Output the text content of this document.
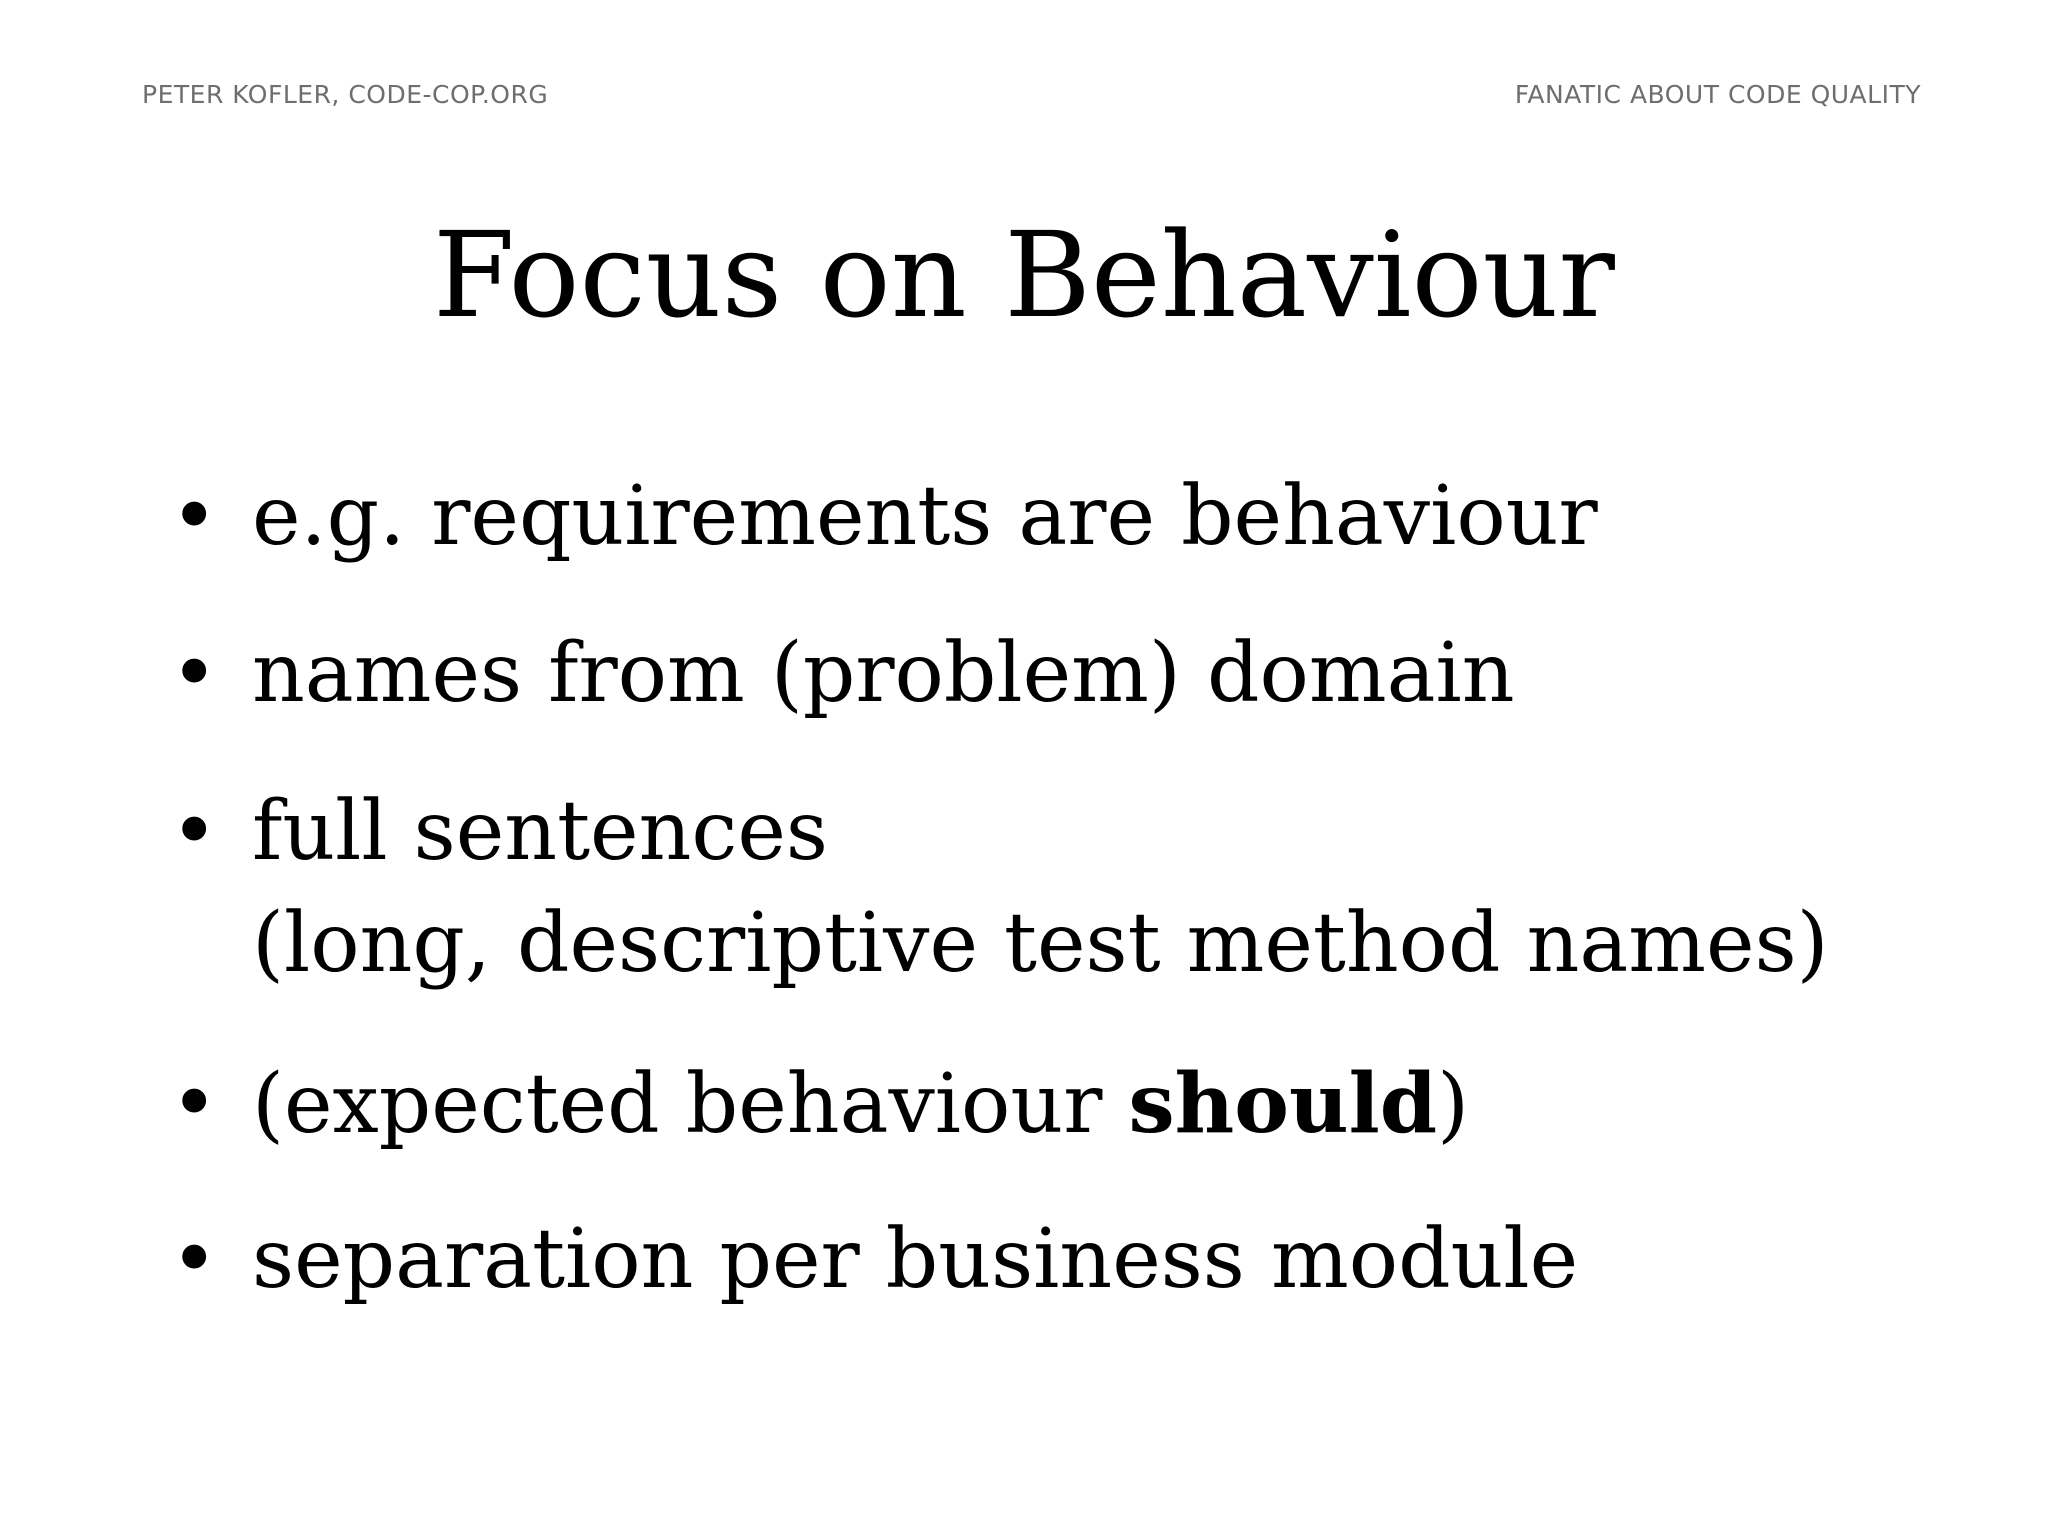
PETER KOFLER, CODE-COP.ORG	FANATIC ABOUT CODE QUALITY
Focus on Behaviour
• e.g. requirements are behaviour
• names from (problem) domain
• full sentences
(long, descriptive test method names)
• (expected behaviour should)
• separation per business module
